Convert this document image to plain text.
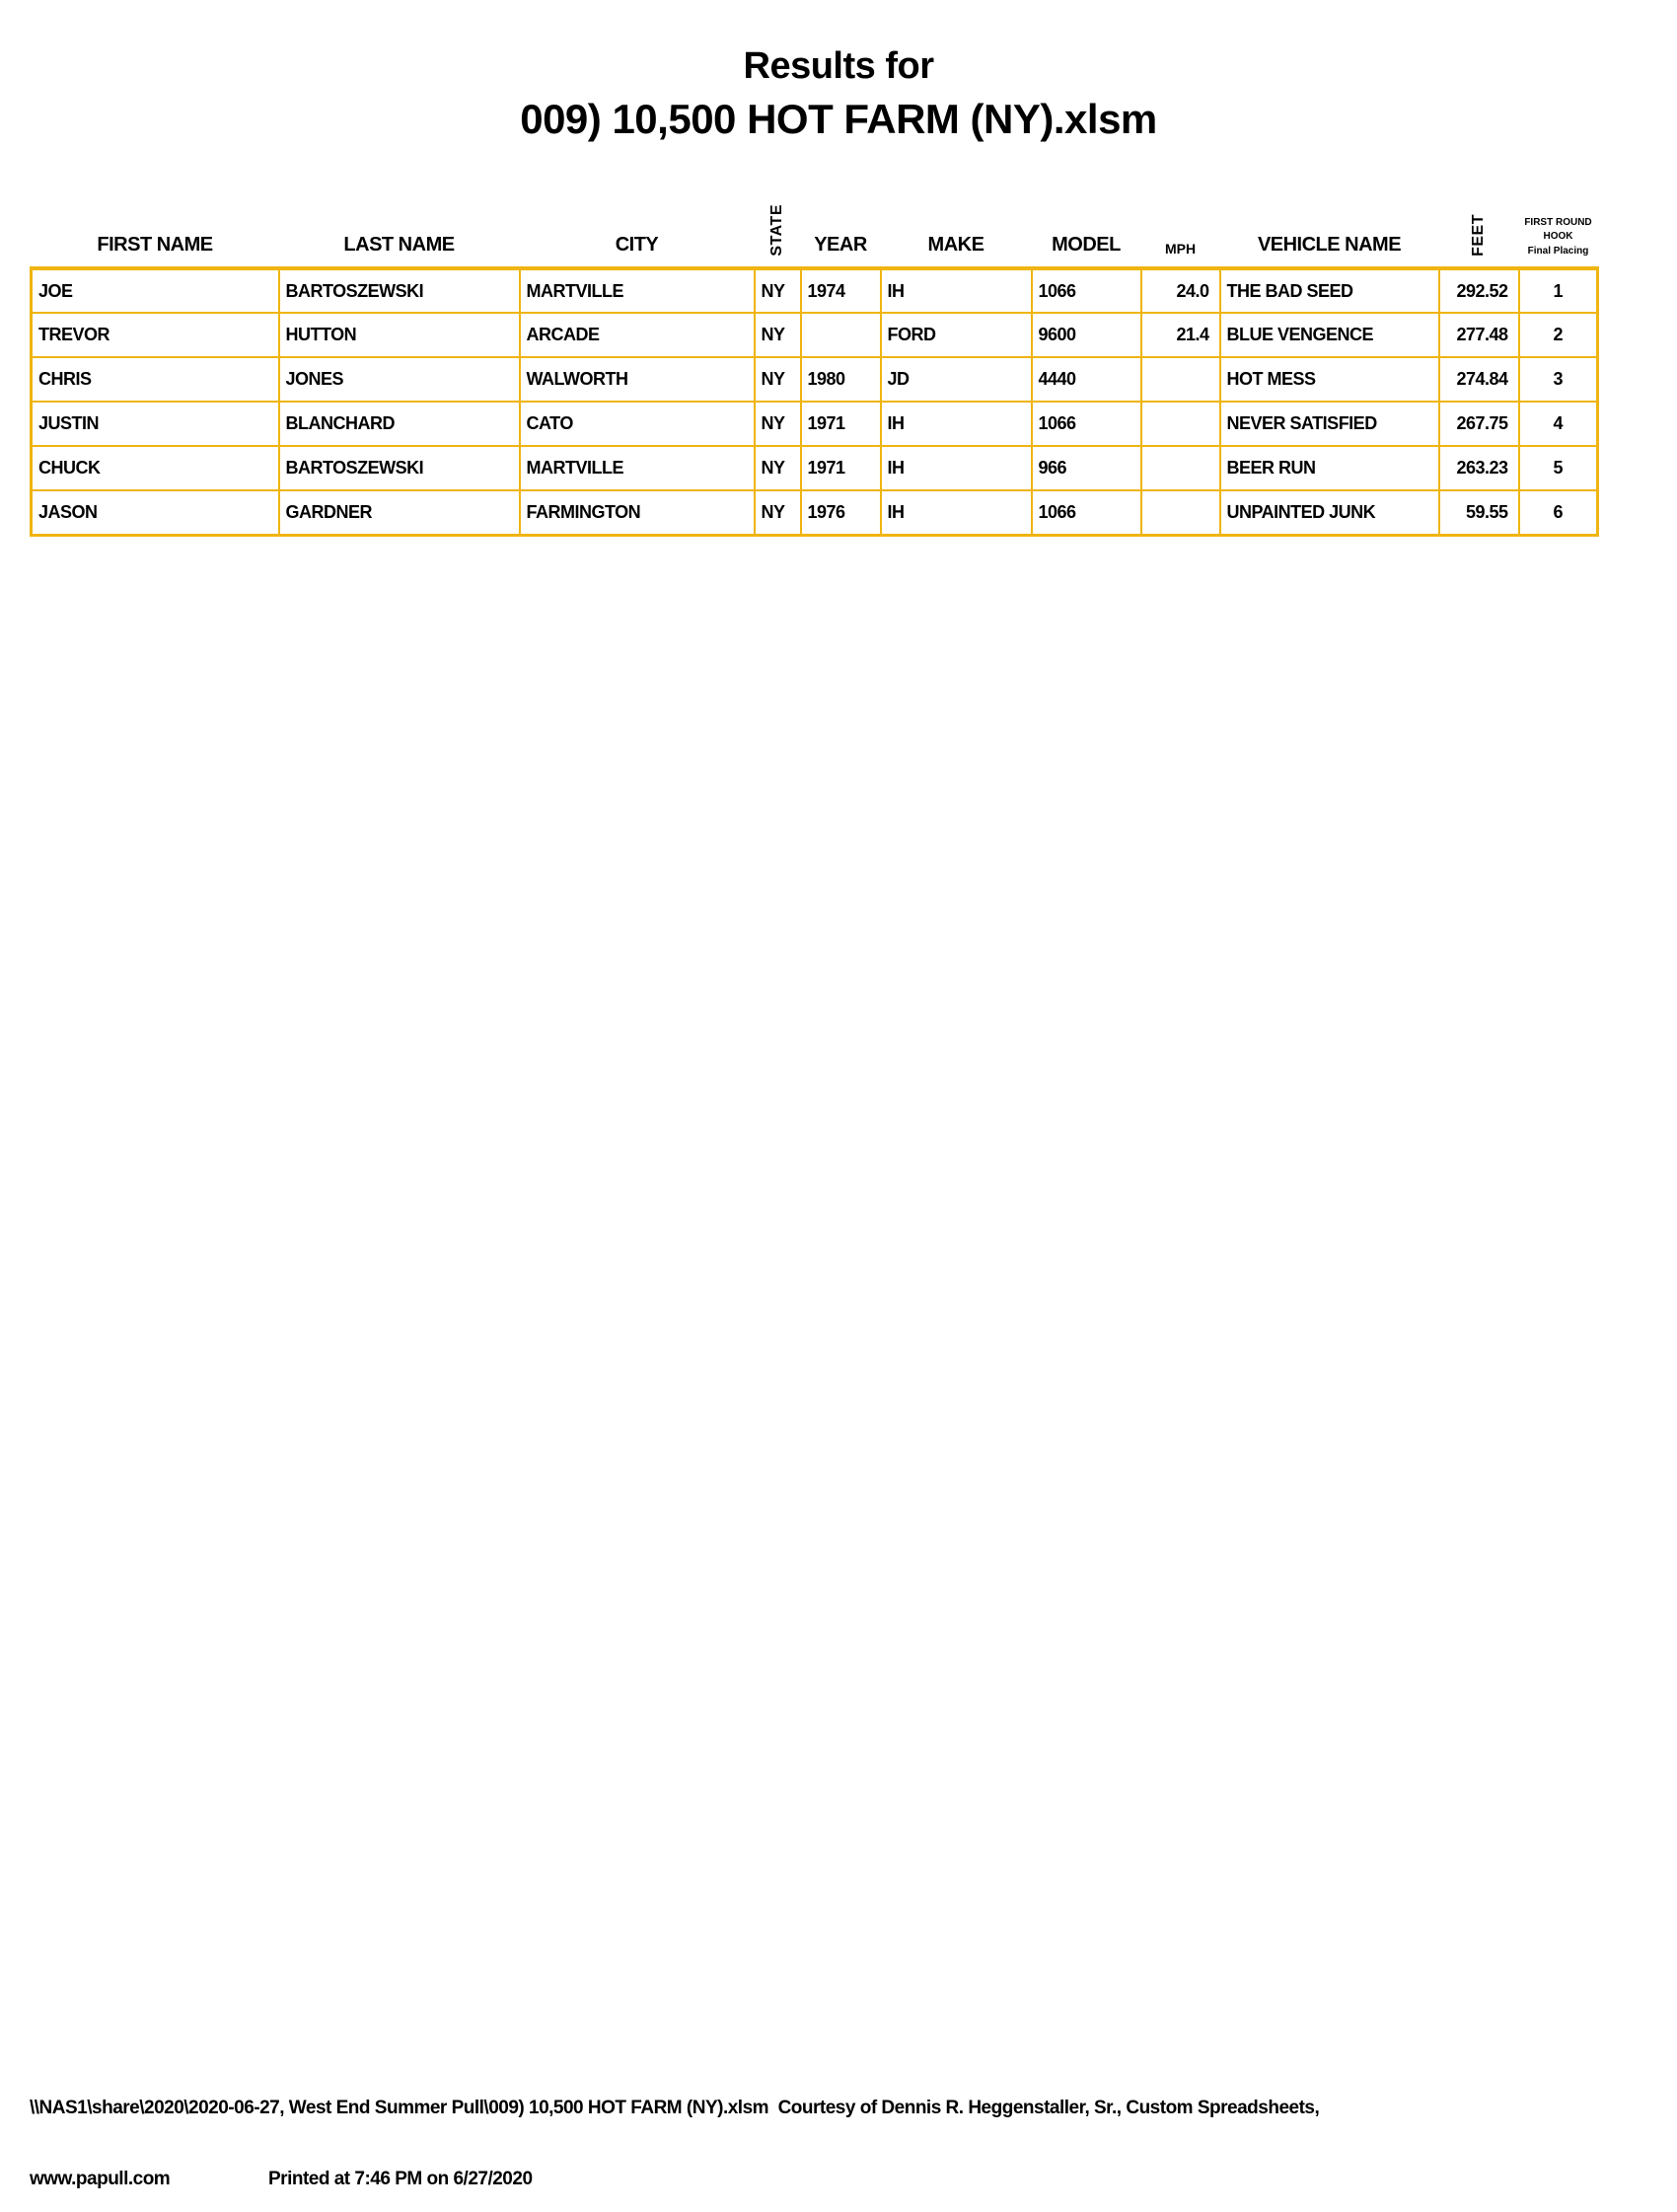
Results for
009) 10,500 HOT FARM (NY).xlsm
FIRST NAME	LAST NAME	CITY	STATE	YEAR	MAKE	MODEL	MPH	VEHICLE NAME	FEET	FIRST ROUND
HOOK
Final Placing

JOE	BARTOSZEWSKI	MARTVILLE	NY	1974	IH	1066	24.0	THE BAD SEED	292.52	1
TREVOR	HUTTON	ARCADE	NY		FORD	9600	21.4	BLUE VENGENCE	277.48	2
CHRIS	JONES	WALWORTH	NY	1980	JD	4440		HOT MESS	274.84	3
JUSTIN	BLANCHARD	CATO	NY	1971	IH	1066		NEVER SATISFIED	267.75	4
CHUCK	BARTOSZEWSKI	MARTVILLE	NY	1971	IH	966		BEER RUN	263.23	5
JASON	GARDNER	FARMINGTON	NY	1976	IH	1066		UNPAINTED JUNK	59.55	6

\\NAS1\share\2020\2020-06-27, West End Summer Pull\009) 10,500 HOT FARM (NY).xlsm  Courtesy of Dennis R. Heggenstaller, Sr., Custom Spreadsheets,

www.papull.com	Printed at 7:46 PM on 6/27/2020
